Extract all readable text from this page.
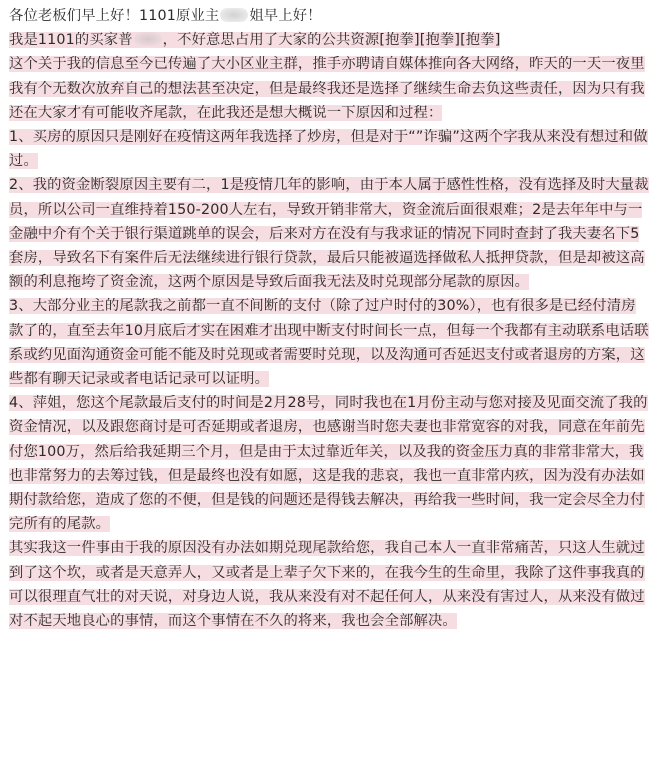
各位老板们早上好！1101原业主 姐早上好！

我是1101的买家普 ，不好意思占用了大家的公共资源[抱拳][抱拳][抱拳]

这个关于我的信息至今已传遍了大小区业主群，推手亦聘请自媒体推向各大网络，昨天的一天一夜里我有个无数次放弃自己的想法甚至决定，但是最终我还是选择了继续生命去负这些责任，因为只有我还在大家才有可能收齐尾款，在此我还是想大概说一下原因和过程：

1、买房的原因只是刚好在疫情这两年我选择了炒房，但是对于“”诈骗”这两个字我从来没有想过和做过。

2、我的资金断裂原因主要有二，1是疫情几年的影响，由于本人属于感性性格，没有选择及时大量裁员，所以公司一直维持着150-200人左右，导致开销非常大，资金流后面很艰难；2是去年年中与一金融中介有个关于银行渠道跳单的误会，后来对方在没有与我求证的情况下同时查封了我夫妻名下5套房，导致名下有案件后无法继续进行银行贷款，最后只能被逼选择做私人抵押贷款，但是却被这高额的利息拖垮了资金流，这两个原因是导致后面我无法及时兑现部分尾款的原因。

3、大部分业主的尾款我之前都一直不间断的支付（除了过户时付的30%），也有很多是已经付清房款了的，直至去年10月底后才实在困难才出现中断支付时间长一点，但每一个我都有主动联系电话联系或约见面沟通资金可能不能及时兑现或者需要时兑现，以及沟通可否延迟支付或者退房的方案，这些都有聊天记录或者电话记录可以证明。

4、萍姐，您这个尾款最后支付的时间是2月28号，同时我也在1月份主动与您对接及见面交流了我的资金情况，以及跟您商讨是可否延期或者退房，也感谢当时您夫妻也非常宽容的对我，同意在年前先付您100万，然后给我延期三个月，但是由于太过靠近年关，以及我的资金压力真的非常非常大，我也非常努力的去筹过钱，但是最终也没有如愿，这是我的悲哀，我也一直非常内疚，因为没有办法如期付款给您，造成了您的不便，但是钱的问题还是得钱去解决，再给我一些时间，我一定会尽全力付完所有的尾款。

其实我这一件事由于我的原因没有办法如期兑现尾款给您，我自己本人一直非常痛苦，只这人生就过到了这个坎，或者是天意弄人，又或者是上辈子欠下来的，在我今生的生命里，我除了这件事我真的可以很理直气壮的对天说，对身边人说，我从来没有对不起任何人，从来没有害过人，从来没有做过对不起天地良心的事情，而这个事情在不久的将来，我也会全部解决。
